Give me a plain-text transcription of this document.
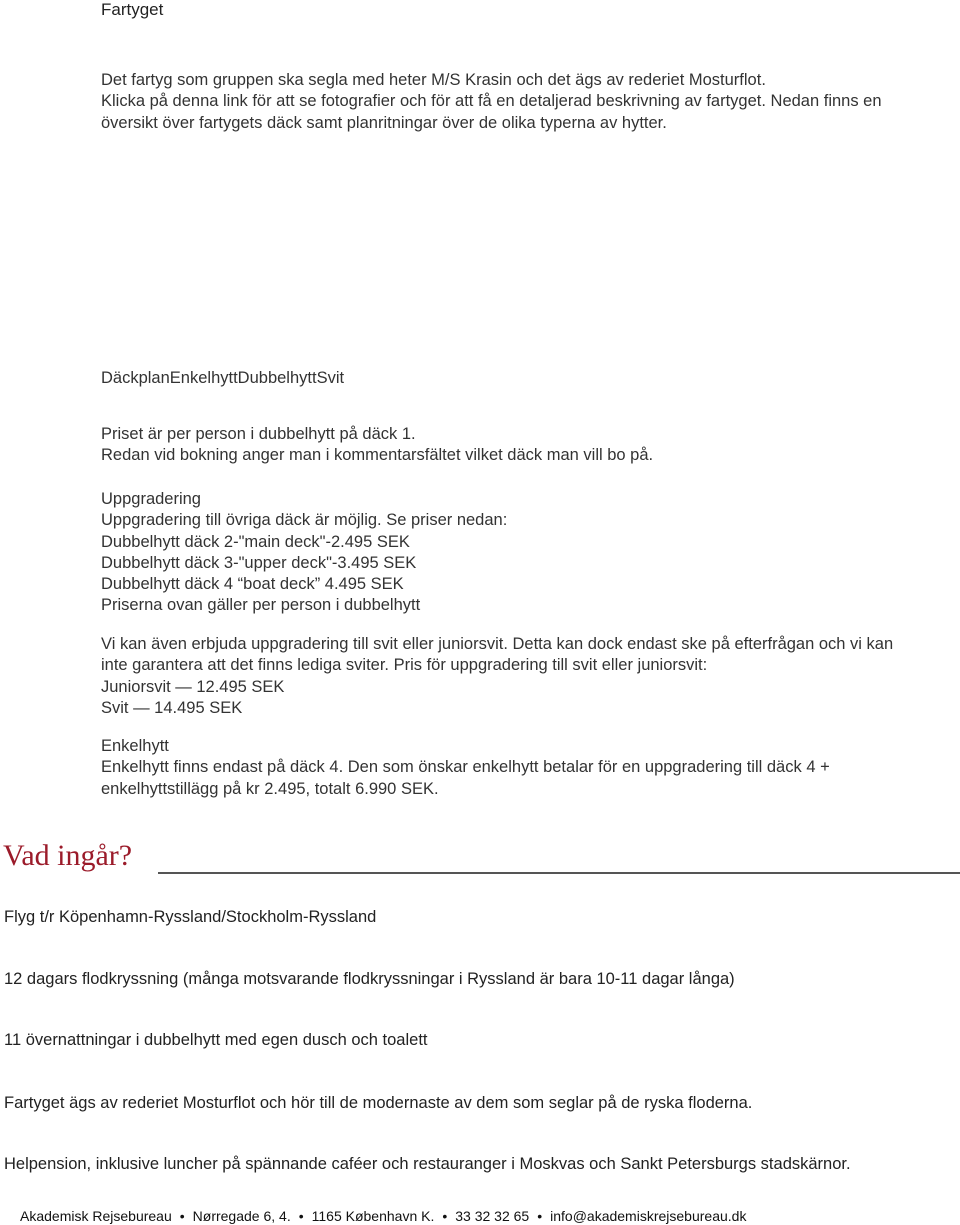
Fartyget
Det fartyg som gruppen ska segla med heter M/S Krasin och det ägs av rederiet Mosturflot.
Klicka på denna link för att se fotografier och för att få en detaljerad beskrivning av fartyget. Nedan finns en
översikt över fartygets däck samt planritningar över de olika typerna av hytter.
DäckplanEnkelhyttDubbelhyttSvit
Priset är per person i dubbelhytt på däck 1.
Redan vid bokning anger man i kommentarsfältet vilket däck man vill bo på.
Uppgradering
Uppgradering till övriga däck är möjlig. Se priser nedan:
Dubbelhytt däck 2-"main deck"-2.495 SEK
Dubbelhytt däck 3-"upper deck"-3.495 SEK
Dubbelhytt däck 4 “boat deck” 4.495 SEK
Priserna ovan gäller per person i dubbelhytt
Vi kan även erbjuda uppgradering till svit eller juniorsvit. Detta kan dock endast ske på efterfrågan och vi kan
inte garantera att det finns lediga sviter. Pris för uppgradering till svit eller juniorsvit:
Juniorsvit — 12.495 SEK
Svit — 14.495 SEK
Enkelhytt
Enkelhytt finns endast på däck 4. Den som önskar enkelhytt betalar för en uppgradering till däck 4 +
enkelhyttstillägg på kr 2.495, totalt 6.990 SEK.
Vad ingår?
Flyg t/r Köpenhamn-Ryssland/Stockholm-Ryssland
12 dagars flodkryssning (många motsvarande flodkryssningar i Ryssland är bara 10-11 dagar långa)
11 övernattningar i dubbelhytt med egen dusch och toalett
Fartyget ägs av rederiet Mosturflot och hör till de modernaste av dem som seglar på de ryska floderna.
Helpension, inklusive luncher på spännande caféer och restauranger i Moskvas och Sankt Petersburgs stadskärnor.
Akademisk Rejsebureau • Nørregade 6, 4. • 1165 København K. • 33 32 32 65 • info@akademiskrejsebureau.dk
